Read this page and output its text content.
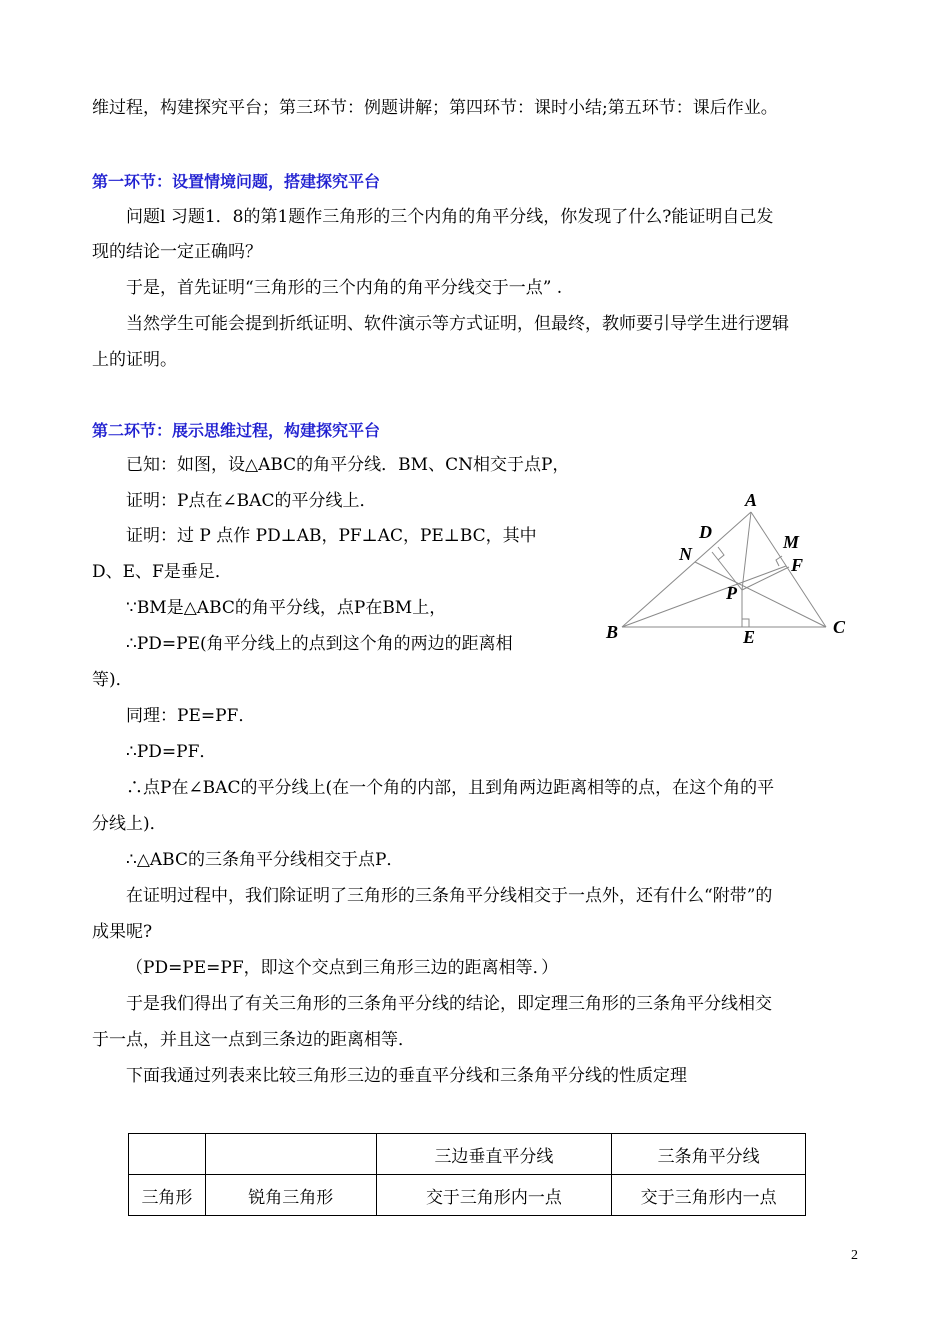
维过程，构建探究平台；第三环节：例题讲解；第四环节：课时小结;第五环节：课后作业。
第一环节：设置情境问题，搭建探究平台
问题l 习题1．8的第1题作三角形的三个内角的角平分线，你发现了什么?能证明自己发
现的结论一定正确吗？
于是，首先证明“三角形的三个内角的角平分线交于一点” .
当然学生可能会提到折纸证明、软件演示等方式证明，但最终，教师要引导学生进行逻辑
上的证明。
第二环节：展示思维过程，构建探究平台
已知：如图，设△ABC的角平分线．BM、CN相交于点P，
证明：P点在∠BAC的平分线上．
证明：过 P 点作 PD⊥AB，PF⊥AC，PE⊥BC，其中
D、E、F是垂足．
∵BM是△ABC的角平分线，点P在BM上，
∴PD=PE(角平分线上的点到这个角的两边的距离相
等)．
同理：PE=PF．
∴PD=PF．
∴点P在∠BAC的平分线上(在一个角的内部，且到角两边距离相等的点，在这个角的平
分线上)．
∴△ABC的三条角平分线相交于点P．
在证明过程中，我们除证明了三角形的三条角平分线相交于一点外，还有什么“附带”的
成果呢?
（PD=PE=PF，即这个交点到三角形三边的距离相等．）
于是我们得出了有关三角形的三条角平分线的结论，即定理三角形的三条角平分线相交
于一点，并且这一点到三条边的距离相等．
下面我通过列表来比较三角形三边的垂直平分线和三条角平分线的性质定理
A
D	M
N
F
P
B	E	C
		三边垂直平分线	三条角平分线
三角形	锐角三角形	交于三角形内一点	交于三角形内一点
2
